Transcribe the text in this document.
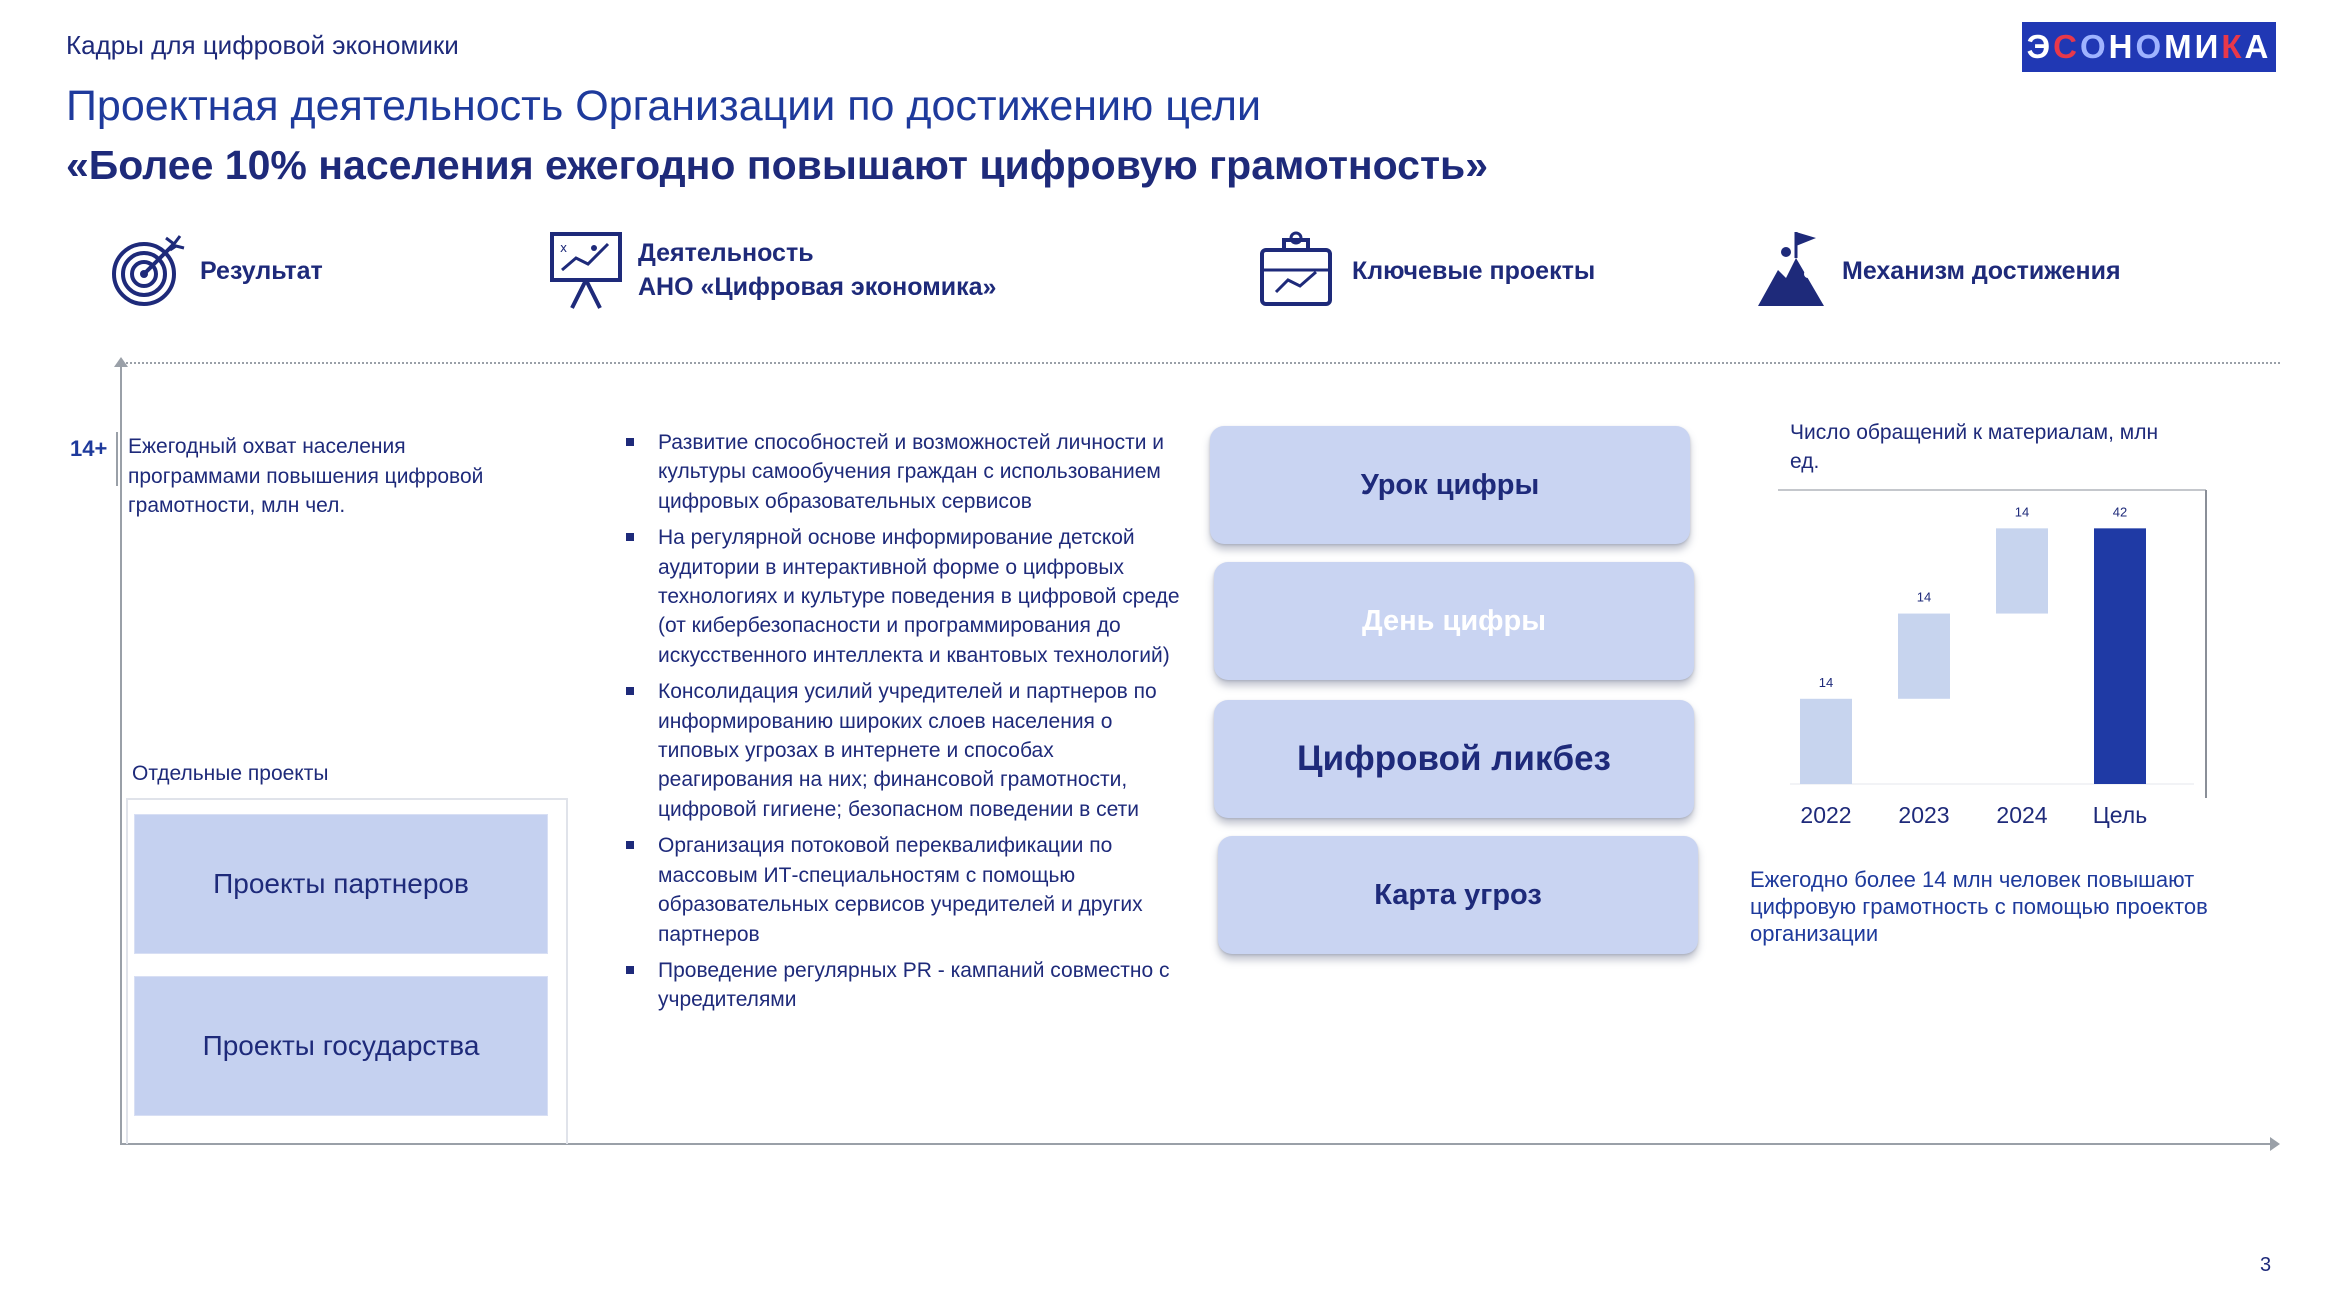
Кадры для цифровой экономики
Проектная деятельность Организации по достижению цели
«Более 10% населения ежегодно повышают цифровую грамотность»
Э С О Н О М И К А
Результат
x	Деятельность
АНО «Цифровая экономика»
Ключевые проекты	Механизм достижения
14+ Ежегодный охват населения программами повышения цифровой грамотности, млн чел.
Отдельные проекты
Проекты партнеров
Проекты государства
Развитие способностей и возможностей личности и культуры самообучения граждан с использованием цифровых образовательных сервисов
На регулярной основе информирование детской аудитории в интерактивной форме о цифровых технологиях и культуре поведения в цифровой среде (от кибербезопасности и программирования до искусственного интеллекта и квантовых технологий)
Консолидация усилий учредителей и партнеров по информированию широких слоев населения о типовых угрозах в интернете и способах реагирования на них; финансовой грамотности, цифровой гигиене; безопасном поведении в сети
Организация потоковой переквалификации по массовым ИТ-специальностям с помощью образовательных сервисов учредителей и других партнеров
Проведение регулярных PR - кампаний совместно с учредителями
Урок цифры
День цифры
Цифровой ликбез
Карта угроз
Число обращений к материалам, млн ед.
14
2022
14
2023
14
2024
42
Цель
Ежегодно более 14 млн человек повышают цифровую грамотность с помощью проектов организации
3
